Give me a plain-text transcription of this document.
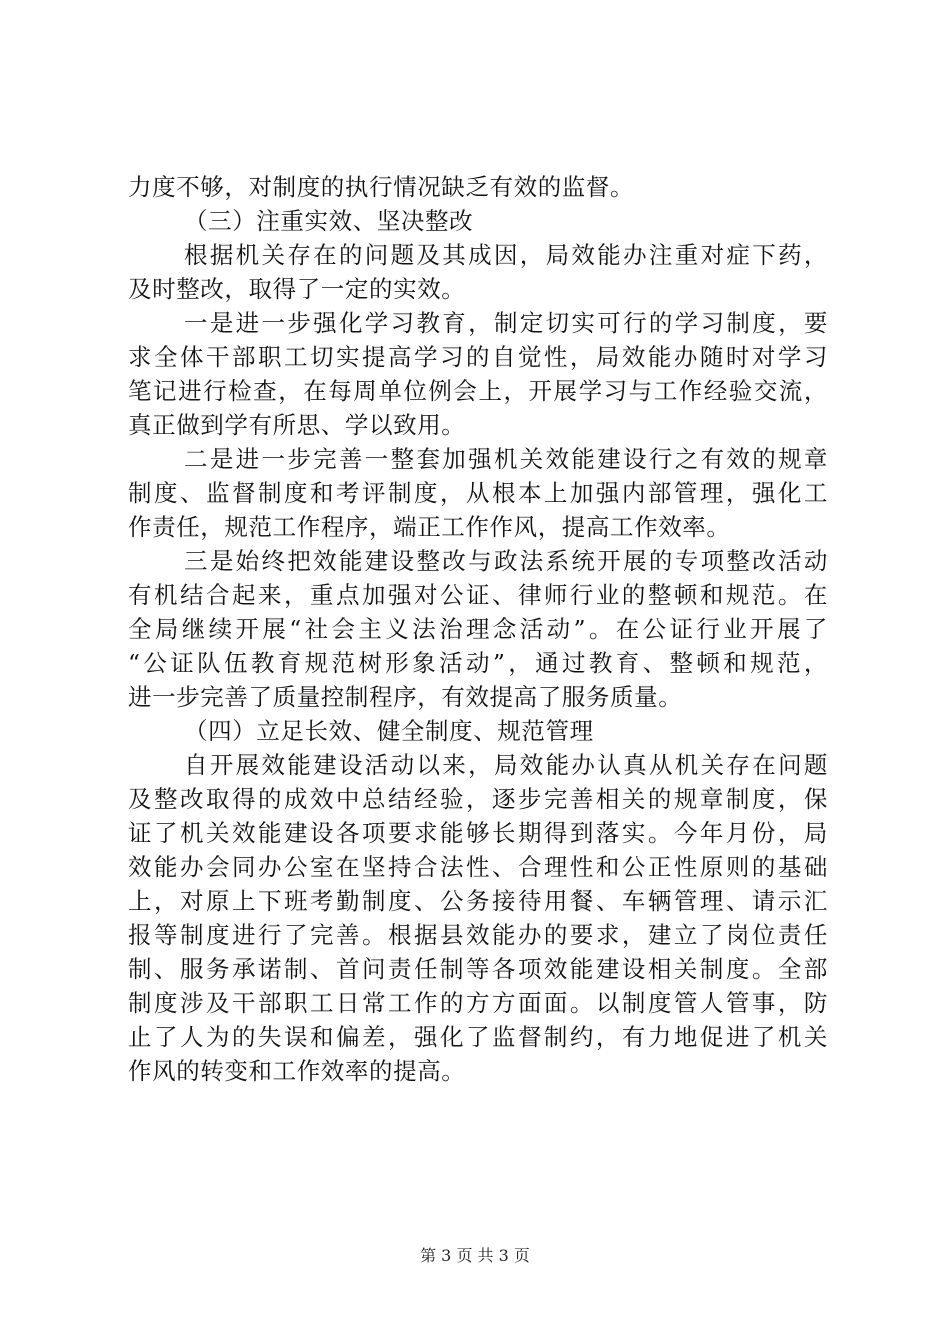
力度不够，对制度的执行情况缺乏有效的监督。
（三）注重实效、坚决整改
根据机关存在的问题及其成因，局效能办注重对症下药，
及时整改，取得了一定的实效。
一是进一步强化学习教育，制定切实可行的学习制度，要
求全体干部职工切实提高学习的自觉性，局效能办随时对学习
笔记进行检查，在每周单位例会上，开展学习与工作经验交流，
真正做到学有所思、学以致用。
二是进一步完善一整套加强机关效能建设行之有效的规章
制度、监督制度和考评制度，从根本上加强内部管理，强化工
作责任，规范工作程序，端正工作作风，提高工作效率。
三是始终把效能建设整改与政法系统开展的专项整改活动
有机结合起来，重点加强对公证、律师行业的整顿和规范。在
全局继续开展“社会主义法治理念活动”。在公证行业开展了
“公证队伍教育规范树形象活动”，通过教育、整顿和规范，
进一步完善了质量控制程序，有效提高了服务质量。
（四）立足长效、健全制度、规范管理
自开展效能建设活动以来，局效能办认真从机关存在问题
及整改取得的成效中总结经验，逐步完善相关的规章制度，保
证了机关效能建设各项要求能够长期得到落实。今年月份，局
效能办会同办公室在坚持合法性、合理性和公正性原则的基础
上，对原上下班考勤制度、公务接待用餐、车辆管理、请示汇
报等制度进行了完善。根据县效能办的要求，建立了岗位责任
制、服务承诺制、首问责任制等各项效能建设相关制度。全部
制度涉及干部职工日常工作的方方面面。以制度管人管事，防
止了人为的失误和偏差，强化了监督制约，有力地促进了机关
作风的转变和工作效率的提高。
第 3 页 共 3 页
